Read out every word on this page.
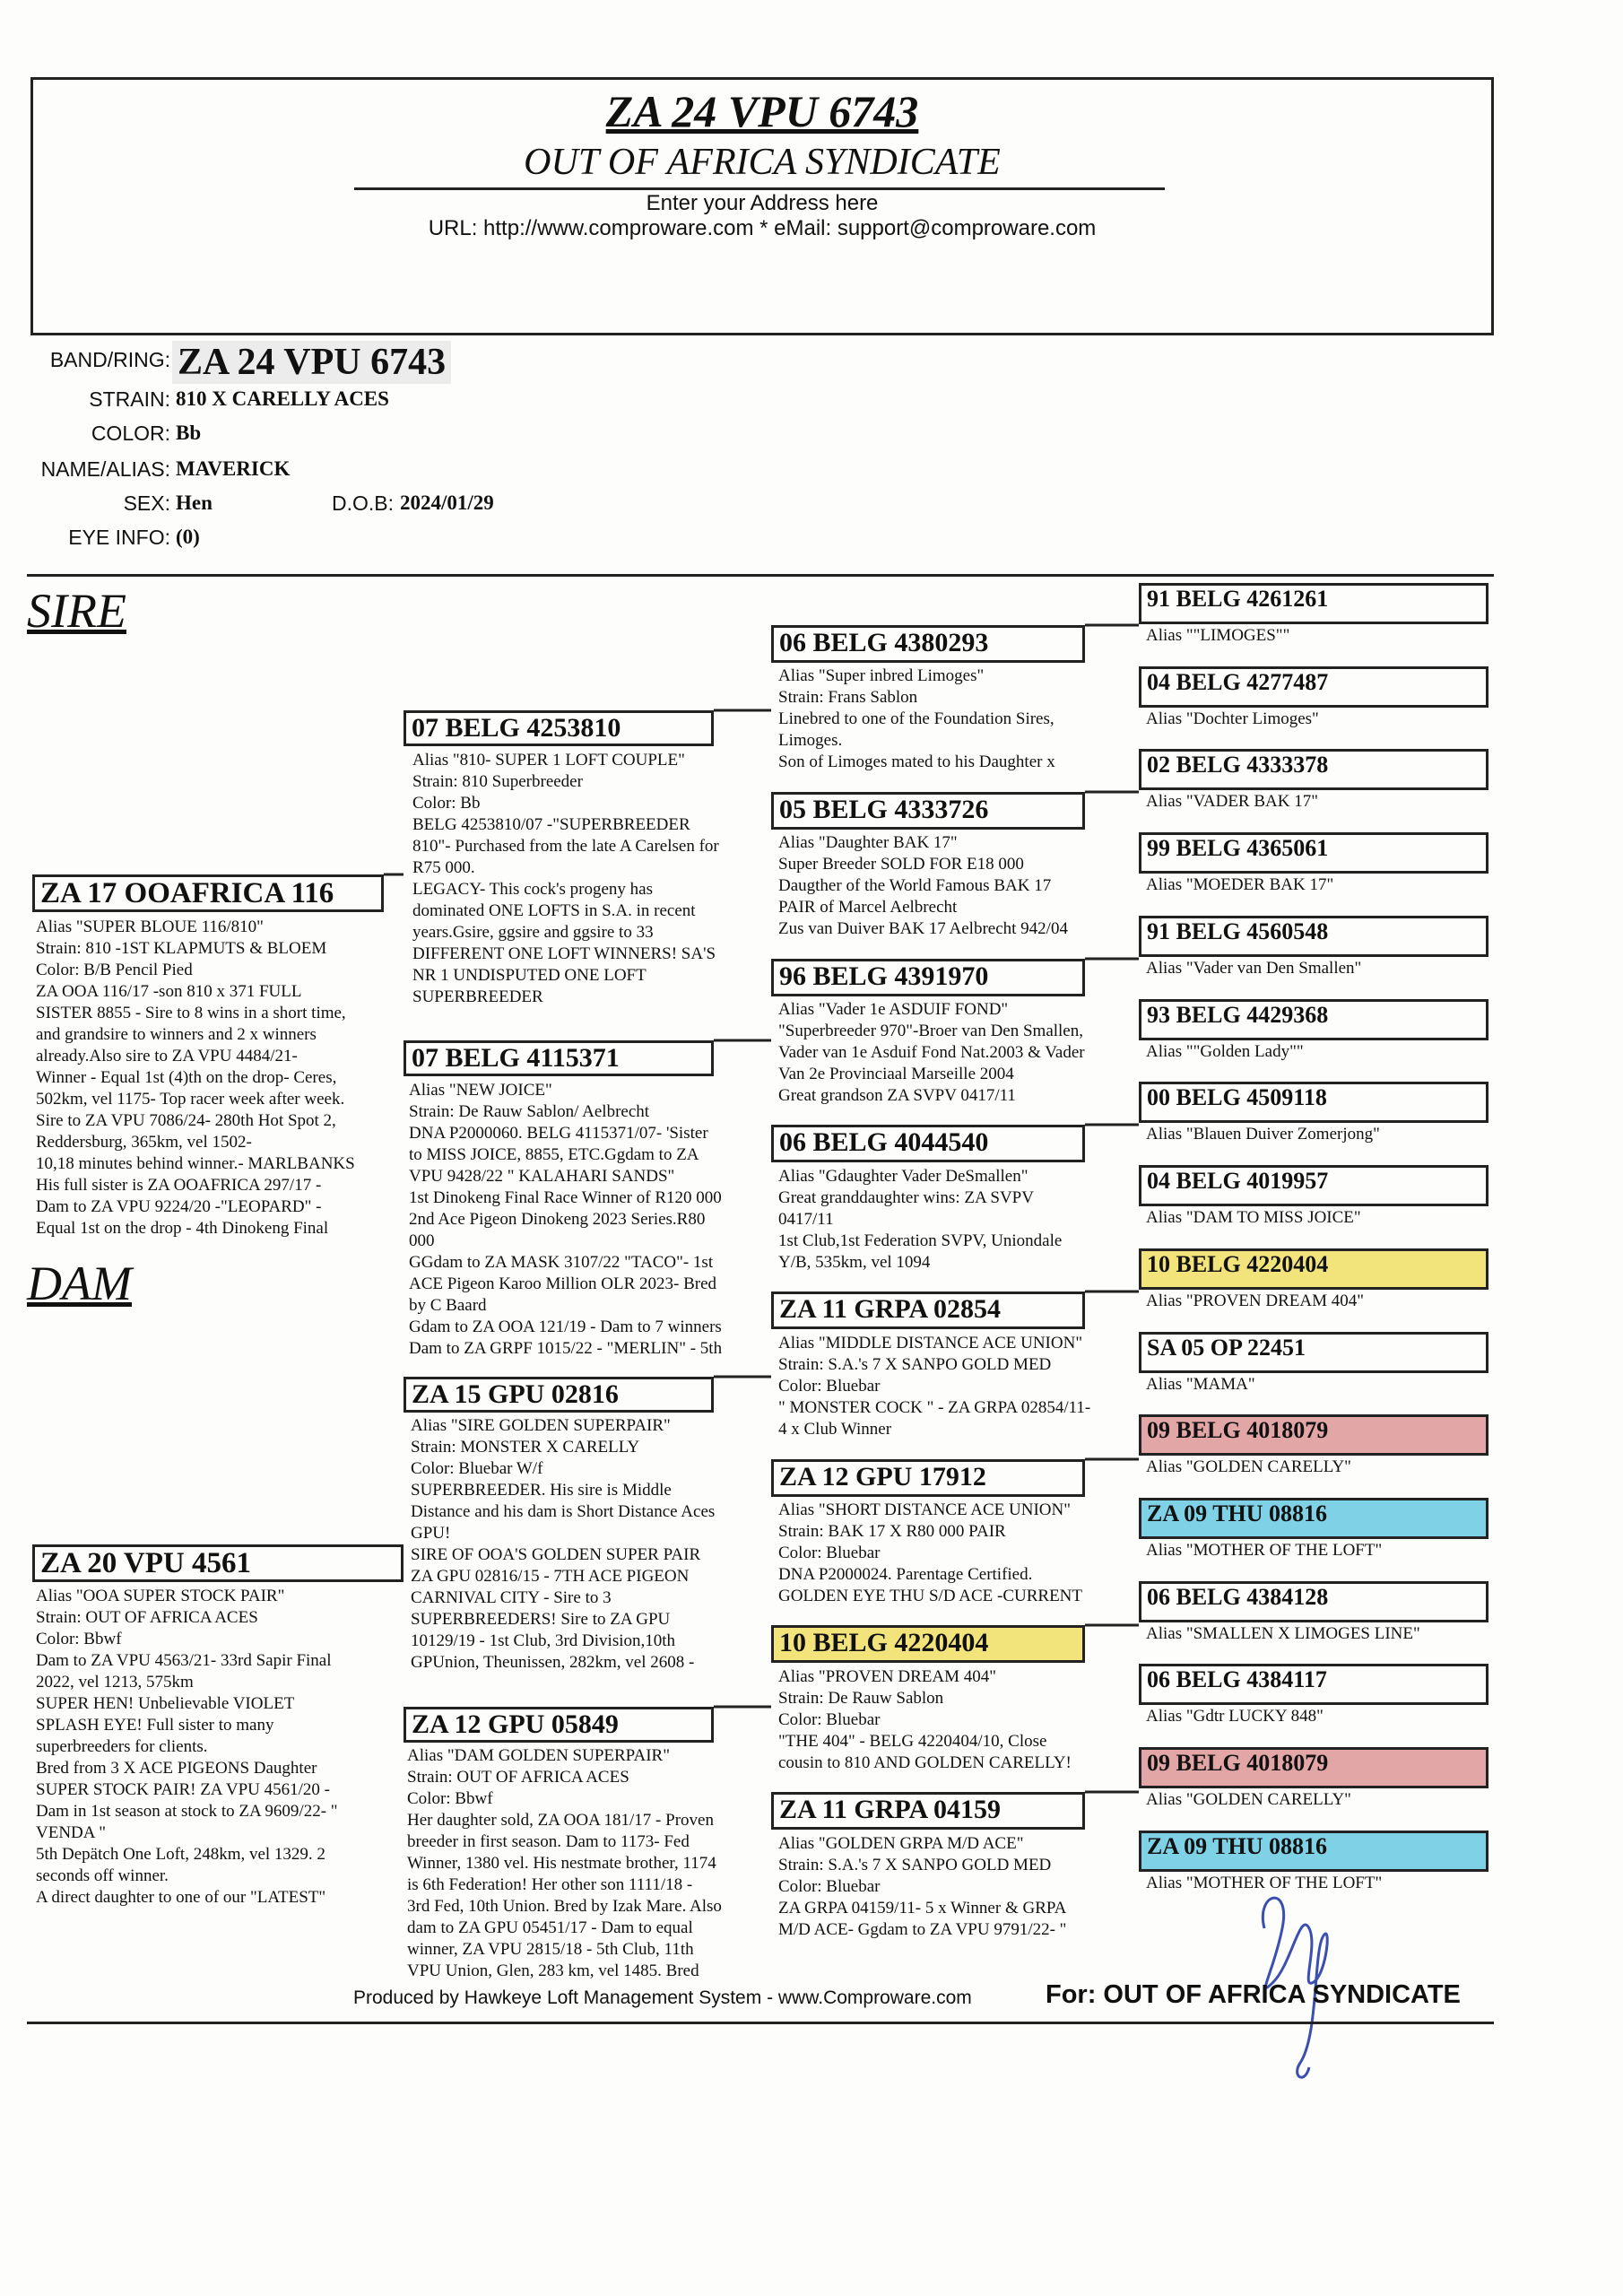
ZA 24 VPU 6743
OUT OF AFRICA SYNDICATE
Enter your Address here
URL: http://www.comproware.com * eMail: support@comproware.com
BAND/RING: ZA 24 VPU 6743
STRAIN: 810 X CARELLY ACES
COLOR: Bb
NAME/ALIAS: MAVERICK
SEX: Hen	D.O.B: 2024/01/29
EYE INFO: (0)
SIRE
DAM
ZA 17 OOAFRICA 116
Alias "SUPER BLOUE 116/810"
Strain: 810 -1ST KLAPMUTS & BLOEM
Color: B/B Pencil Pied
ZA OOA 116/17 -son 810 x 371 FULL
SISTER 8855 - Sire to 8 wins in a short time,
and grandsire to winners and 2 x winners
already.Also sire to ZA VPU 4484/21-
Winner - Equal 1st (4)th on the drop- Ceres,
502km, vel 1175- Top racer week after week.
Sire to ZA VPU 7086/24- 280th Hot Spot 2,
Reddersburg, 365km, vel 1502-
10,18 minutes behind winner.- MARLBANKS
His full sister is ZA OOAFRICA 297/17 -
Dam to ZA VPU 9224/20 -"LEOPARD" -
Equal 1st on the drop - 4th Dinokeng Final
ZA 20 VPU 4561
Alias "OOA SUPER STOCK PAIR"
Strain: OUT OF AFRICA ACES
Color: Bbwf
Dam to ZA VPU 4563/21- 33rd Sapir Final
2022, vel 1213, 575km
SUPER HEN! Unbelievable VIOLET
SPLASH EYE! Full sister to many
superbreeders for clients.
Bred from 3 X ACE PIGEONS Daughter
SUPER STOCK PAIR! ZA VPU 4561/20 -
Dam in 1st season at stock to ZA 9609/22- "
VENDA "
5th Depätch One Loft, 248km, vel 1329. 2
seconds off winner.
A direct daughter to one of our "LATEST"
07 BELG 4253810
Alias "810- SUPER 1 LOFT COUPLE"
Strain: 810 Superbreeder
Color: Bb
BELG 4253810/07 -"SUPERBREEDER
810"- Purchased from the late A Carelsen for
R75 000.
LEGACY- This cock's progeny has
dominated ONE LOFTS in S.A. in recent
years.Gsire, ggsire and ggsire to 33
DIFFERENT ONE LOFT WINNERS! SA'S
NR 1 UNDISPUTED ONE LOFT
SUPERBREEDER
07 BELG 4115371
Alias "NEW JOICE"
Strain: De Rauw Sablon/ Aelbrecht
DNA P2000060. BELG 4115371/07- 'Sister
to MISS JOICE, 8855, ETC.Ggdam to ZA
VPU 9428/22 " KALAHARI SANDS"
1st Dinokeng Final Race Winner of R120 000
2nd Ace Pigeon Dinokeng 2023 Series.R80
000
GGdam to ZA MASK 3107/22 "TACO"- 1st
ACE Pigeon Karoo Million OLR 2023- Bred
by C Baard
Gdam to ZA OOA 121/19 - Dam to 7 winners
Dam to ZA GRPF 1015/22 - "MERLIN" - 5th
ZA 15 GPU 02816
Alias "SIRE GOLDEN SUPERPAIR"
Strain: MONSTER X CARELLY
Color: Bluebar W/f
SUPERBREEDER. His sire is Middle
Distance and his dam is Short Distance Aces
GPU!
SIRE OF OOA'S GOLDEN SUPER PAIR
ZA GPU 02816/15 - 7TH ACE PIGEON
CARNIVAL CITY - Sire to 3
SUPERBREEDERS! Sire to ZA GPU
10129/19 - 1st Club, 3rd Division,10th
GPUnion, Theunissen, 282km, vel 2608 -
ZA 12 GPU 05849
Alias "DAM GOLDEN SUPERPAIR"
Strain: OUT OF AFRICA ACES
Color: Bbwf
Her daughter sold, ZA OOA 181/17 - Proven
breeder in first season. Dam to 1173- Fed
Winner, 1380 vel. His nestmate brother, 1174
is 6th Federation! Her other son 1111/18 -
3rd Fed, 10th Union. Bred by Izak Mare. Also
dam to ZA GPU 05451/17 - Dam to equal
winner, ZA VPU 2815/18 - 5th Club, 11th
VPU Union, Glen, 283 km, vel 1485. Bred
06 BELG 4380293
Alias "Super inbred Limoges"
Strain: Frans Sablon
Linebred to one of the Foundation Sires,
Limoges.
Son of Limoges mated to his Daughter x
05 BELG 4333726
Alias "Daughter BAK 17"
Super Breeder SOLD FOR E18 000
Daugther of the World Famous BAK 17
PAIR of Marcel Aelbrecht
Zus van Duiver BAK 17 Aelbrecht 942/04
96 BELG 4391970
Alias "Vader 1e ASDUIF FOND"
"Superbreeder 970"-Broer van Den Smallen,
Vader van 1e Asduif Fond Nat.2003 & Vader
Van 2e Provinciaal Marseille 2004
Great grandson ZA SVPV 0417/11
06 BELG 4044540
Alias "Gdaughter Vader DeSmallen"
Great granddaughter wins: ZA SVPV
0417/11
1st Club,1st Federation SVPV, Uniondale
Y/B, 535km, vel 1094
ZA 11 GRPA 02854
Alias "MIDDLE DISTANCE ACE UNION"
Strain: S.A.'s 7 X SANPO GOLD MED
Color: Bluebar
" MONSTER COCK " - ZA GRPA 02854/11-
4 x Club Winner
ZA 12 GPU 17912
Alias "SHORT DISTANCE ACE UNION"
Strain: BAK 17 X R80 000 PAIR
Color: Bluebar
DNA P2000024. Parentage Certified.
GOLDEN EYE THU S/D ACE -CURRENT
10 BELG 4220404
Alias "PROVEN DREAM 404"
Strain: De Rauw Sablon
Color: Bluebar
"THE 404" - BELG 4220404/10, Close
cousin to 810 AND GOLDEN CARELLY!
ZA 11 GRPA 04159
Alias "GOLDEN GRPA M/D ACE"
Strain: S.A.'s 7 X SANPO GOLD MED
Color: Bluebar
ZA GRPA 04159/11- 5 x Winner & GRPA
M/D ACE- Ggdam to ZA VPU 9791/22- "
91 BELG 4261261
Alias ""LIMOGES""
04 BELG 4277487
Alias "Dochter Limoges"
02 BELG 4333378
Alias "VADER BAK 17"
99 BELG 4365061
Alias "MOEDER BAK 17"
91 BELG 4560548
Alias "Vader van Den Smallen"
93 BELG 4429368
Alias ""Golden Lady""
00 BELG 4509118
Alias "Blauen Duiver Zomerjong"
04 BELG 4019957
Alias "DAM TO MISS JOICE"
10 BELG 4220404
Alias "PROVEN DREAM 404"
SA 05 OP 22451
Alias "MAMA"
09 BELG 4018079
Alias "GOLDEN CARELLY"
ZA 09 THU 08816
Alias "MOTHER OF THE LOFT"
06 BELG 4384128
Alias "SMALLEN X LIMOGES LINE"
06 BELG 4384117
Alias "Gdtr LUCKY 848"
09 BELG 4018079
Alias "GOLDEN CARELLY"
ZA 09 THU 08816
Alias "MOTHER OF THE LOFT"
Produced by Hawkeye Loft Management System - www.Comproware.com	For: OUT OF AFRICA SYNDICATE
